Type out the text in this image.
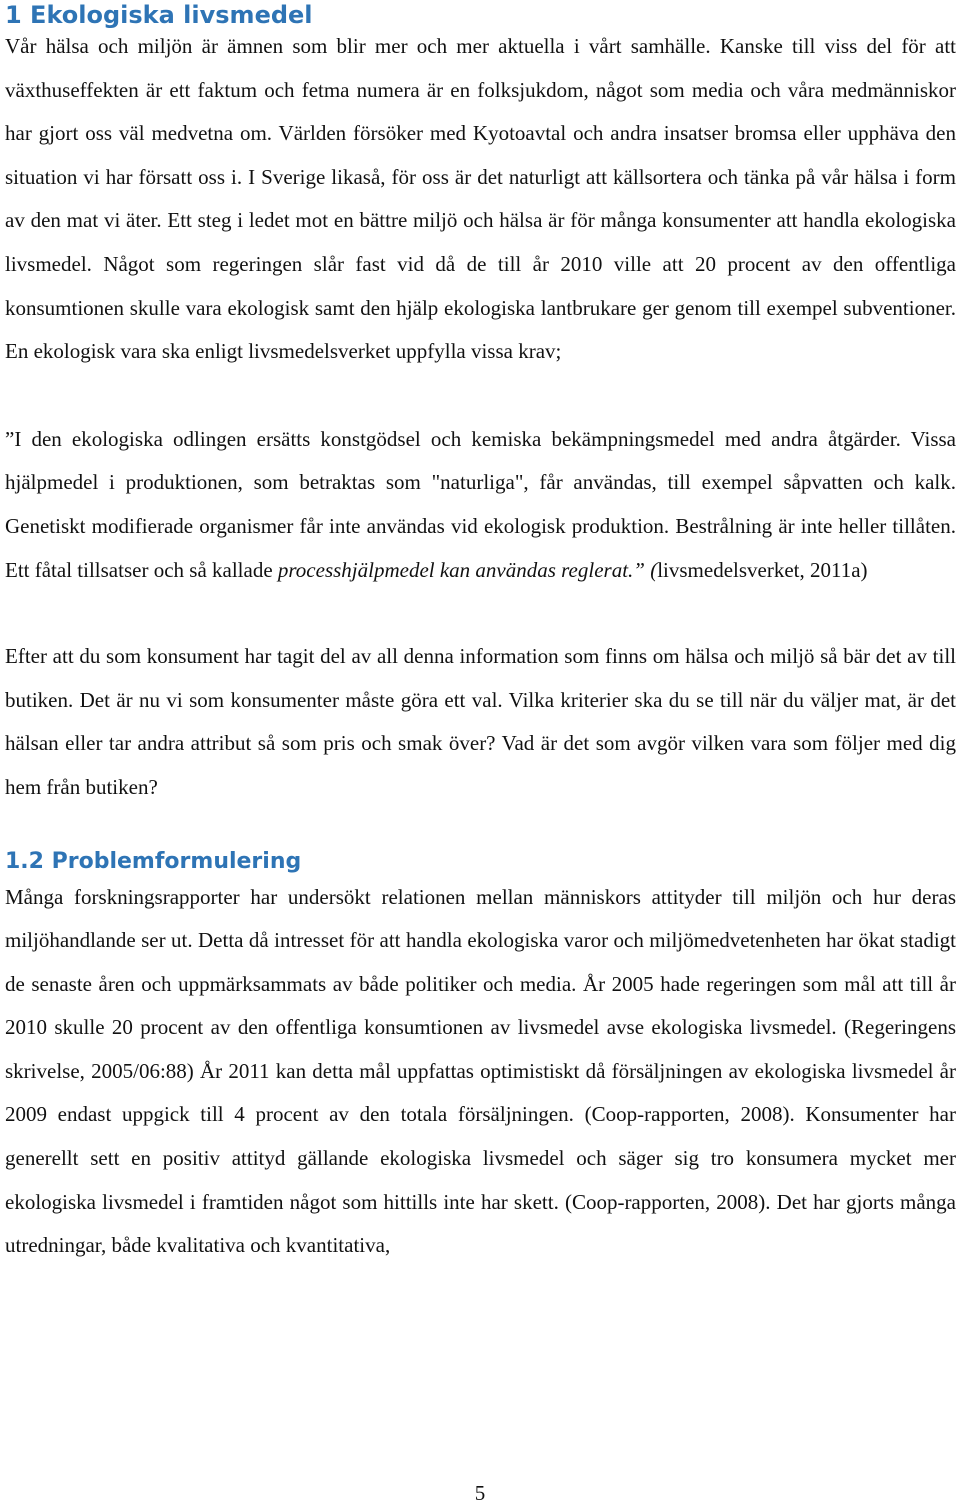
1 Ekologiska livsmedel

Vår hälsa och miljön är ämnen som blir mer och mer aktuella i vårt samhälle. Kanske till viss del för att växthuseffekten är ett faktum och fetma numera är en folksjukdom, något som media och våra medmänniskor har gjort oss väl medvetna om. Världen försöker med Kyotoavtal och andra insatser bromsa eller upphäva den situation vi har försatt oss i. I Sverige likaså, för oss är det naturligt att källsortera och tänka på vår hälsa i form av den mat vi äter. Ett steg i ledet mot en bättre miljö och hälsa är för många konsumenter att handla ekologiska livsmedel. Något som regeringen slår fast vid då de till år 2010 ville att 20 procent av den offentliga konsumtionen skulle vara ekologisk samt den hjälp ekologiska lantbrukare ger genom till exempel subventioner. En ekologisk vara ska enligt livsmedelsverket uppfylla vissa krav;

”I den ekologiska odlingen ersätts konstgödsel och kemiska bekämpningsmedel med andra åtgärder. Vissa hjälpmedel i produktionen, som betraktas som "naturliga", får användas, till exempel såpvatten och kalk. Genetiskt modifierade organismer får inte användas vid ekologisk produktion. Bestrålning är inte heller tillåten. Ett fåtal tillsatser och så kallade processhjälpmedel kan användas reglerat.” (livsmedelsverket, 2011a)

Efter att du som konsument har tagit del av all denna information som finns om hälsa och miljö så bär det av till butiken. Det är nu vi som konsumenter måste göra ett val. Vilka kriterier ska du se till när du väljer mat, är det hälsan eller tar andra attribut så som pris och smak över? Vad är det som avgör vilken vara som följer med dig hem från butiken?

1.2 Problemformulering

Många forskningsrapporter har undersökt relationen mellan människors attityder till miljön och hur deras miljöhandlande ser ut. Detta då intresset för att handla ekologiska varor och miljömedvetenheten har ökat stadigt de senaste åren och uppmärksammats av både politiker och media. År 2005 hade regeringen som mål att till år 2010 skulle 20 procent av den offentliga konsumtionen av livsmedel avse ekologiska livsmedel. (Regeringens skrivelse, 2005/06:88) År 2011 kan detta mål uppfattas optimistiskt då försäljningen av ekologiska livsmedel år 2009 endast uppgick till 4 procent av den totala försäljningen. (Coop-rapporten, 2008). Konsumenter har generellt sett en positiv attityd gällande ekologiska livsmedel och säger sig tro konsumera mycket mer ekologiska livsmedel i framtiden något som hittills inte har skett. (Coop-rapporten, 2008). Det har gjorts många utredningar, både kvalitativa och kvantitativa,

5
